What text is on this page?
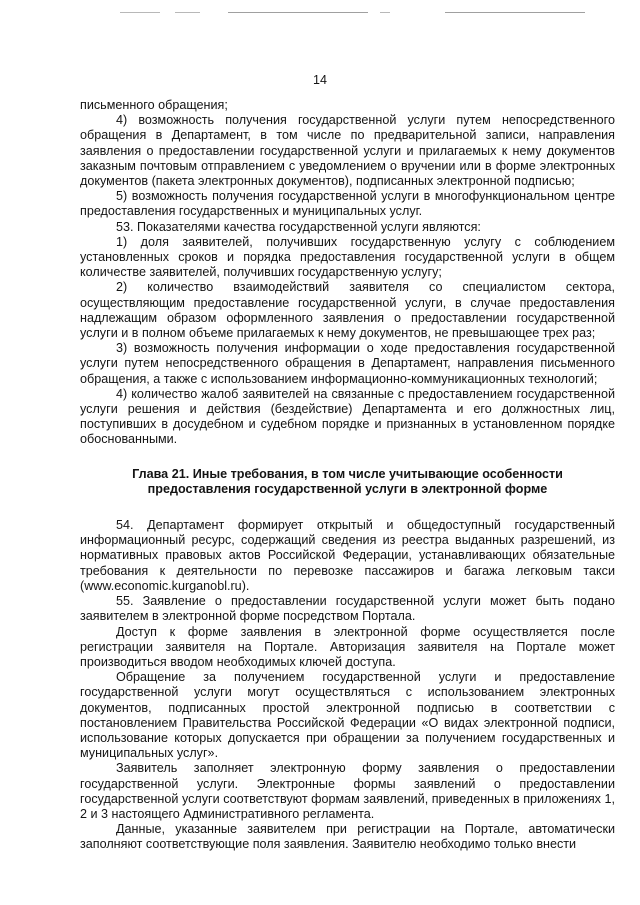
14

письменного обращения;

4) возможность получения государственной услуги путем непосредственного обращения в Департамент, в том числе по предварительной записи, направления заявления о предоставлении государственной услуги и прилагаемых к нему документов заказным почтовым отправлением с уведомлением о вручении или в форме электронных документов (пакета электронных документов), подписанных электронной подписью;

5) возможность получения государственной услуги в многофункциональном центре предоставления государственных и муниципальных услуг.

53. Показателями качества государственной услуги являются:

1) доля заявителей, получивших государственную услугу с соблюдением установленных сроков и порядка предоставления государственной услуги в общем количестве заявителей, получивших государственную услугу;

2) количество взаимодействий заявителя со специалистом сектора, осуществляющим предоставление государственной услуги, в случае предоставления надлежащим образом оформленного заявления о предоставлении государственной услуги и в полном объеме прилагаемых к нему документов, не превышающее трех раз;

3) возможность получения информации о ходе предоставления государственной услуги путем непосредственного обращения в Департамент, направления письменного обращения, а также с использованием информационно-коммуникационных технологий;

4) количество жалоб заявителей на связанные с предоставлением государственной услуги решения и действия (бездействие) Департамента и его должностных лиц, поступивших в досудебном и судебном порядке и признанных в установленном порядке обоснованными.

Глава 21. Иные требования, в том числе учитывающие особенности
предоставления государственной услуги в электронной форме

54. Департамент формирует открытый и общедоступный государственный информационный ресурс, содержащий сведения из реестра выданных разрешений, из нормативных правовых актов Российской Федерации, устанавливающих обязательные требования к деятельности по перевозке пассажиров и багажа легковым такси (www.economic.kurganobl.ru).

55. Заявление о предоставлении государственной услуги может быть подано заявителем в электронной форме посредством Портала.

Доступ к форме заявления в электронной форме осуществляется после регистрации заявителя на Портале. Авторизация заявителя на Портале может производиться вводом необходимых ключей доступа.

Обращение за получением государственной услуги и предоставление государственной услуги могут осуществляться с использованием электронных документов, подписанных простой электронной подписью в соответствии с постановлением Правительства Российской Федерации «О видах электронной подписи, использование которых допускается при обращении за получением государственных и муниципальных услуг».

Заявитель заполняет электронную форму заявления о предоставлении государственной услуги. Электронные формы заявлений о предоставлении государственной услуги соответствуют формам заявлений, приведенных в приложениях 1, 2 и 3 настоящего Административного регламента.

Данные, указанные заявителем при регистрации на Портале, автоматически заполняют соответствующие поля заявления. Заявителю необходимо только внести
